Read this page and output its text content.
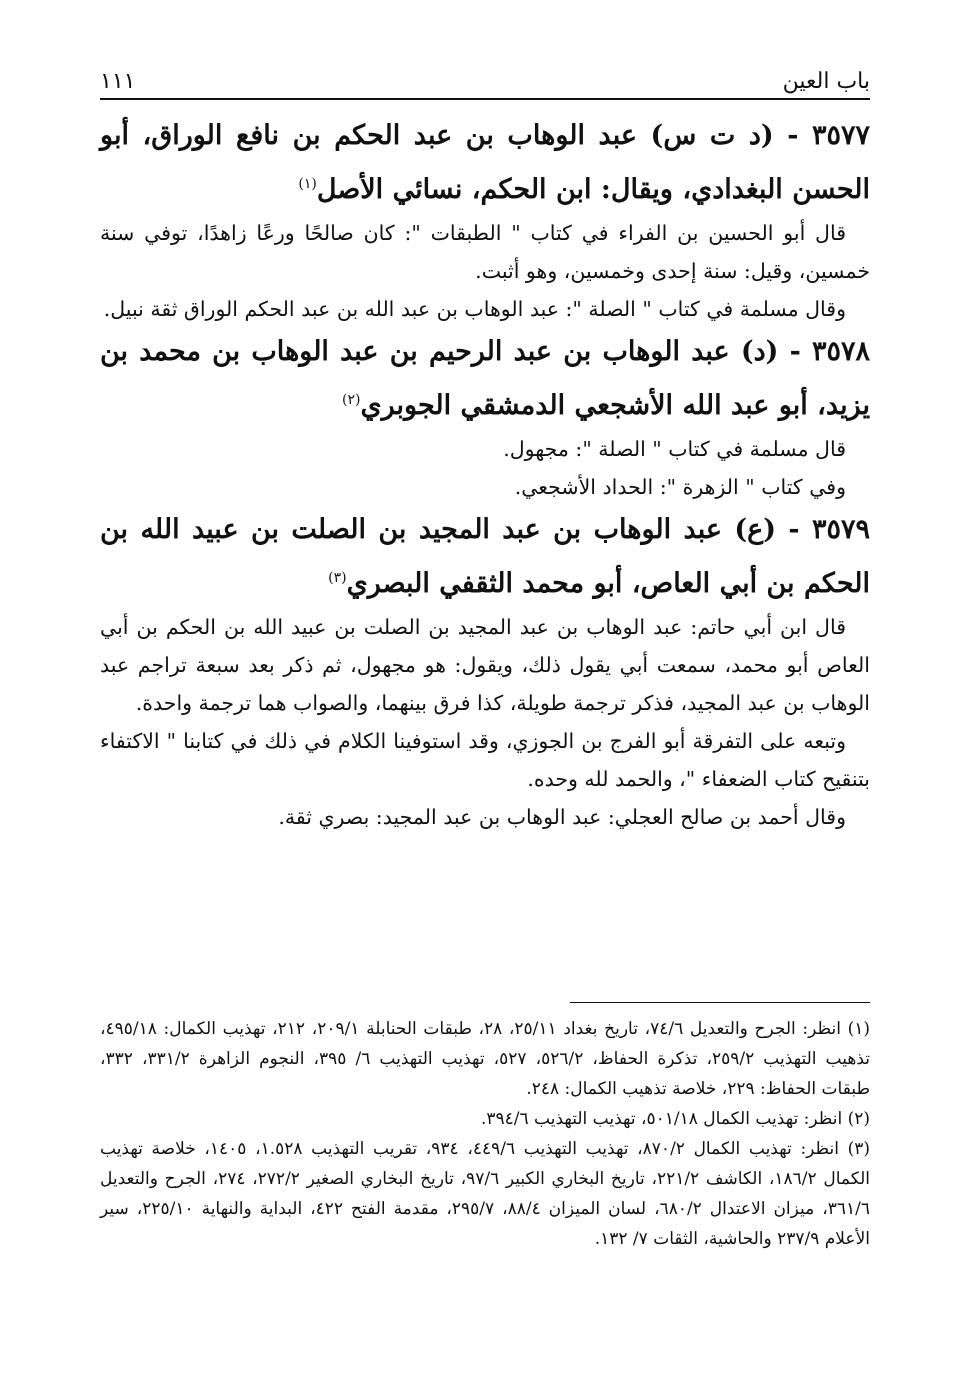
باب العين
١١١

٣٥٧٧ - (د ت س) عبد الوهاب بن عبد الحكم بن نافع الوراق، أبو الحسن البغدادي، ويقال: ابن الحكم، نسائي الأصل$^{(١)}$

قال أبو الحسين بن الفراء في كتاب " الطبقات ": كان صالحًا ورعًا زاهدًا، توفي سنة خمسين، وقيل: سنة إحدى وخمسين، وهو أثبت.

وقال مسلمة في كتاب " الصلة ": عبد الوهاب بن عبد الله بن عبد الحكم الوراق ثقة نبيل.

٣٥٧٨ - (د) عبد الوهاب بن عبد الرحيم بن عبد الوهاب بن محمد بن يزيد، أبو عبد الله الأشجعي الدمشقي الجوبري$^{(٢)}$

قال مسلمة في كتاب " الصلة ": مجهول.

وفي كتاب " الزهرة ": الحداد الأشجعي.

٣٥٧٩ - (ع) عبد الوهاب بن عبد المجيد بن الصلت بن عبيد الله بن الحكم بن أبي العاص، أبو محمد الثقفي البصري$^{(٣)}$

قال ابن أبي حاتم: عبد الوهاب بن عبد المجيد بن الصلت بن عبيد الله بن الحكم بن أبي العاص أبو محمد، سمعت أبي يقول ذلك، ويقول: هو مجهول، ثم ذكر بعد سبعة تراجم عبد الوهاب بن عبد المجيد، فذكر ترجمة طويلة، كذا فرق بينهما، والصواب هما ترجمة واحدة.

وتبعه على التفرقة أبو الفرج بن الجوزي، وقد استوفينا الكلام في ذلك في كتابنا " الاكتفاء بتنقيح كتاب الضعفاء "، والحمد لله وحده.

وقال أحمد بن صالح العجلي: عبد الوهاب بن عبد المجيد: بصري ثقة.

(١) انظر: الجرح والتعديل ٧٤/٦، تاريخ بغداد ٢٥/١١، ٢٨، طبقات الحنابلة ٢٠٩/١، ٢١٢، تهذيب الكمال: ٤٩٥/١٨، تذهيب التهذيب ٢٥٩/٢، تذكرة الحفاظ، ٥٢٦/٢، ٥٢٧، تهذيب التهذيب ٦/ ٣٩٥، النجوم الزاهرة ٣٣١/٢، ٣٣٢، طبقات الحفاظ: ٢٢٩، خلاصة تذهيب الكمال: ٢٤٨.

(٢) انظر: تهذيب الكمال ٥٠١/١٨، تهذيب التهذيب ٣٩٤/٦.

(٣) انظر: تهذيب الكمال ٨٧٠/٢، تهذيب التهذيب ٤٤٩/٦، ٩٣٤، تقريب التهذيب ١.٥٢٨، ١٤٠٥، خلاصة تهذيب الكمال ١٨٦/٢، الكاشف ٢٢١/٢، تاريخ البخاري الكبير ٩٧/٦، تاريخ البخاري الصغير ٢٧٢/٢، ٢٧٤، الجرح والتعديل ٣٦١/٦، ميزان الاعتدال ٦٨٠/٢، لسان الميزان ٨٨/٤، ٢٩٥/٧، مقدمة الفتح ٤٢٢، البداية والنهاية ٢٢٥/١٠، سير الأعلام ٢٣٧/٩ والحاشية، الثقات ٧/ ١٣٢.
